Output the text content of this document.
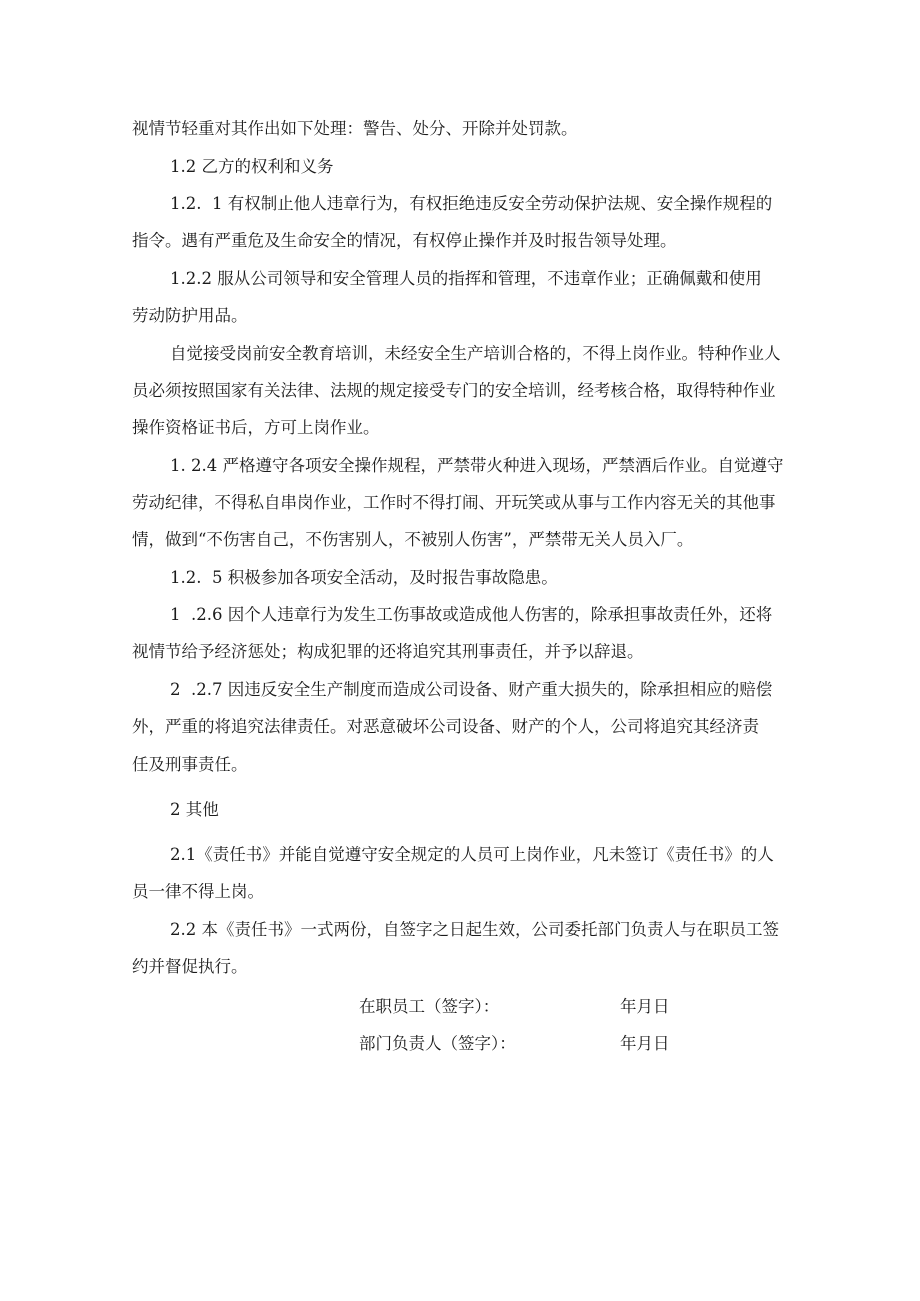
视情节轻重对其作出如下处理：警告、处分、开除并处罚款。
1.2 乙方的权利和义务
1.2.	1 有权制止他人违章行为，有权拒绝违反安全劳动保护法规、安全操作规程的
指令。遇有严重危及生命安全的情况，有权停止操作并及时报告领导处理。
1.2.2	服从公司领导和安全管理人员的指挥和管理，不违章作业；正确佩戴和使用
劳动防护用品。
自觉接受岗前安全教育培训，未经安全生产培训合格的，不得上岗作业。特种作业人
员必须按照国家有关法律、法规的规定接受专门的安全培训，经考核合格，取得特种作业
操作资格证书后，方可上岗作业。
1. 2.4 严格遵守各项安全操作规程，严禁带火种进入现场，严禁酒后作业。自觉遵守
劳动纪律，不得私自串岗作业，工作时不得打闹、开玩笑或从事与工作内容无关的其他事
情，做到“不伤害自己，不伤害别人，不被别人伤害”，严禁带无关人员入厂。
1.2.	5 积极参加各项安全活动，及时报告事故隐患。
1	.2.6 因个人违章行为发生工伤事故或造成他人伤害的，除承担事故责任外，还将
视情节给予经济惩处；构成犯罪的还将追究其刑事责任，并予以辞退。
2	.2.7 因违反安全生产制度而造成公司设备、财产重大损失的，除承担相应的赔偿
外，严重的将追究法律责任。对恶意破坏公司设备、财产的个人，公司将追究其经济责
任及刑事责任。
2 其他
2.1《责任书》并能自觉遵守安全规定的人员可上岗作业，凡未签订《责任书》的人
员一律不得上岗。
2.2 本《责任书》一式两份，自签字之日起生效，公司委托部门负责人与在职员工签
约并督促执行。
在职员工（签字）：	年月日
部门负责人（签字）：	年月日
